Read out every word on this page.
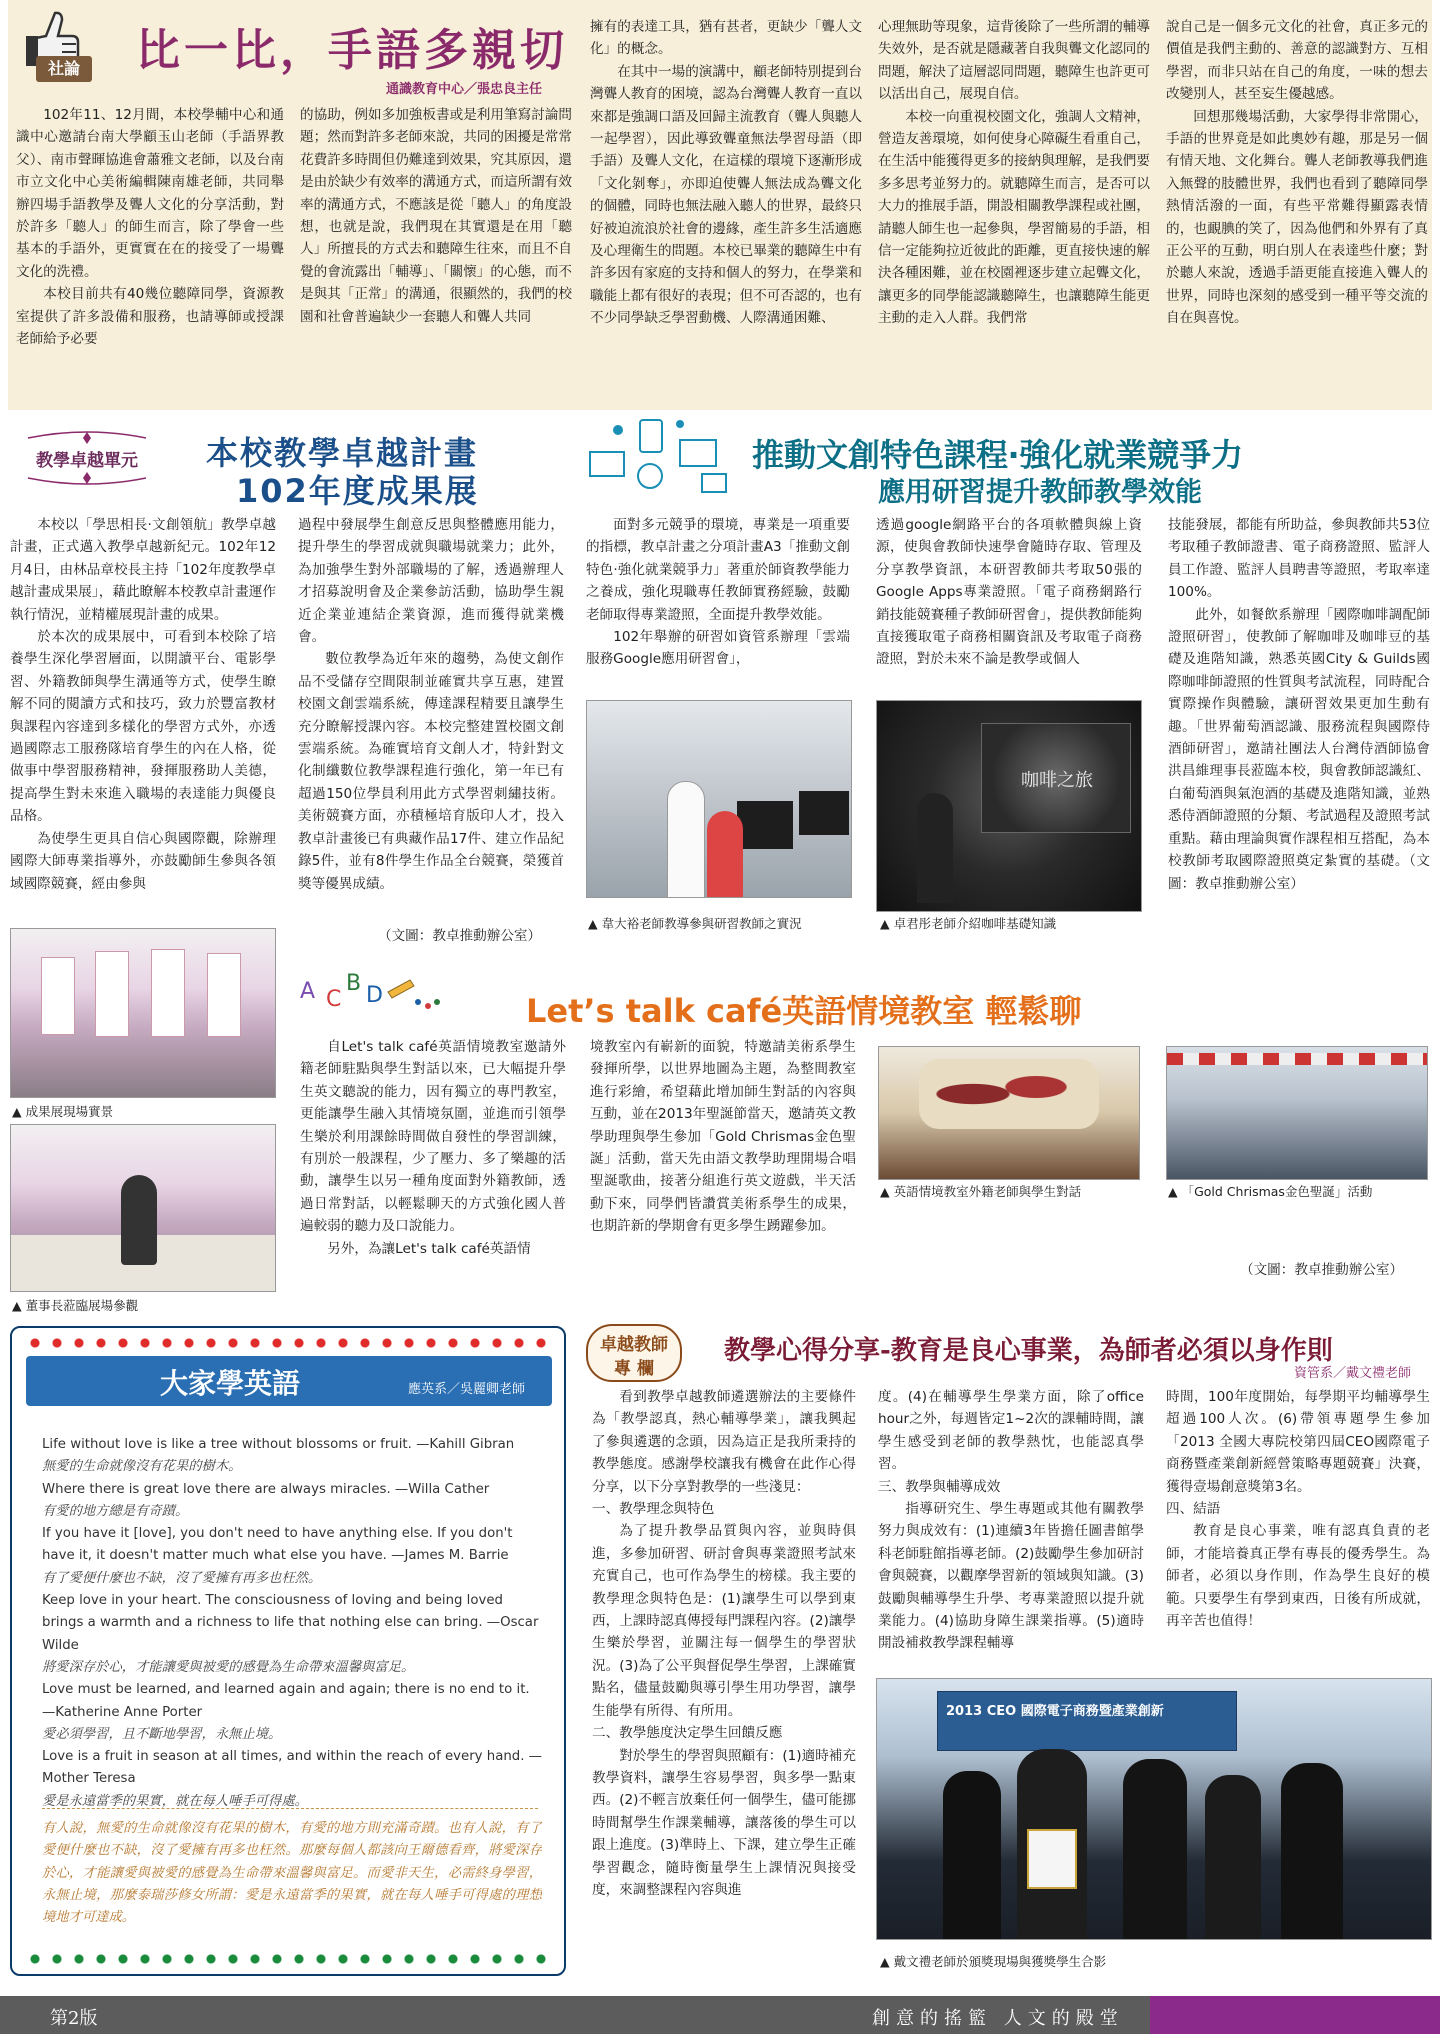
社論 比一比，手語多親切
通識教育中心／張忠良主任

102年11、12月間，本校學輔中心和通識中心邀請台南大學顧玉山老師（手語界教父）、南市聲暉協進會蕭雅文老師，以及台南市立文化中心美術編輯陳南雄老師，共同舉辦四場手語教學及聾人文化的分享活動，對於許多「聽人」的師生而言，除了學會一些基本的手語外，更實實在在的接受了一場聾文化的洗禮。

本校目前共有40幾位聽障同學，資源教室提供了許多設備和服務，也請導師或授課老師給予必要

的協助，例如多加強板書或是利用筆寫討論問題；然而對許多老師來說，共同的困擾是常常花費許多時間但仍難達到效果，究其原因，還是由於缺少有效率的溝通方式，而這所謂有效率的溝通方式，不應該是從「聽人」的角度設想，也就是說，我們現在其實還是在用「聽人」所擅長的方式去和聽障生往來，而且不自覺的會流露出「輔導」、「關懷」的心態，而不是與其「正常」的溝通，很顯然的，我們的校園和社會普遍缺少一套聽人和聾人共同

擁有的表達工具，猶有甚者，更缺少「聾人文化」的概念。

在其中一場的演講中，顧老師特別提到台灣聾人教育的困境，認為台灣聾人教育一直以來都是強調口語及回歸主流教育（聾人與聽人一起學習），因此導致聾童無法學習母語（即手語）及聾人文化，在這樣的環境下逐漸形成「文化剝奪」，亦即迫使聾人無法成為聾文化的個體，同時也無法融入聽人的世界，最終只好被迫流浪於社會的邊緣，產生許多生活適應及心理衛生的問題。本校已畢業的聽障生中有許多因有家庭的支持和個人的努力，在學業和職能上都有很好的表現；但不可否認的，也有不少同學缺乏學習動機、人際溝通困難、

心理無助等現象，這背後除了一些所謂的輔導失效外，是否就是隱藏著自我與聾文化認同的問題，解決了這層認同問題，聽障生也許更可以活出自己，展現自信。

本校一向重視校園文化，強調人文精神，營造友善環境，如何使身心障礙生看重自己，在生活中能獲得更多的接納與理解，是我們要多多思考並努力的。就聽障生而言，是否可以大力的推展手語，開設相關教學課程或社團，請聽人師生也一起參與，學習簡易的手語，相信一定能夠拉近彼此的距離，更直接快速的解決各種困難，並在校園裡逐步建立起聾文化，讓更多的同學能認識聽障生，也讓聽障生能更主動的走入人群。我們常

說自己是一個多元文化的社會，真正多元的價值是我們主動的、善意的認識對方、互相學習，而非只站在自己的角度，一味的想去改變別人，甚至妄生優越感。

回想那幾場活動，大家學得非常開心，手語的世界竟是如此奧妙有趣，那是另一個有情天地、文化舞台。聾人老師教導我們進入無聲的肢體世界，我們也看到了聽障同學熱情活潑的一面，有些平常難得顯露表情的，也靦腆的笑了，因為他們和外界有了真正公平的互動，明白別人在表達些什麼；對於聽人來說，透過手語更能直接進入聾人的世界，同時也深刻的感受到一種平等交流的自在與喜悅。

教學卓越單元	本校教學卓越計畫
102年度成果展

本校以「學思相長‧文創領航」教學卓越計畫，正式邁入教學卓越新紀元。102年12月4日，由林品章校長主持「102年度教學卓越計畫成果展」，藉此瞭解本校教卓計畫運作執行情況，並精權展現計畫的成果。

於本次的成果展中，可看到本校除了培養學生深化學習層面，以開讀平台、電影學習、外籍教師與學生溝通等方式，使學生瞭解不同的閱讀方式和技巧，致力於豐富教材與課程內容達到多樣化的學習方式外，亦透過國際志工服務隊培育學生的內在人格，從做事中學習服務精神，發揮服務助人美德，提高學生對未來進入職場的表達能力與優良品格。

為使學生更具自信心與國際觀，除辦理國際大師專業指導外，亦鼓勵師生參與各領域國際競賽，經由參與

過程中發展學生創意反思與整體應用能力，提升學生的學習成就與職場就業力；此外，為加強學生對外部職場的了解，透過辦理人才招募說明會及企業參訪活動，協助學生親近企業並連結企業資源，進而獲得就業機會。

數位教學為近年來的趨勢，為使文創作品不受儲存空間限制並確實共享互惠，建置校園文創雲端系統，傳達課程精要且讓學生充分瞭解授課內容。本校完整建置校園文創雲端系統。為確實培育文創人才，特針對文化制纖數位教學課程進行強化，第一年已有超過150位學員利用此方式學習刺繡技術。美術競賽方面，亦積極培育版印人才，投入教卓計畫後已有典藏作品17件、建立作品紀錄5件，並有8件學生作品全台競賽，榮獲首獎等優異成績。

（文圖：教卓推動辦公室）
▲ 成果展現場實景
▲ 董事長蒞臨展場參觀
推動文創特色課程‧強化就業競爭力
應用研習提升教師教學效能

面對多元競爭的環境，專業是一項重要的指標，教卓計畫之分項計畫A3「推動文創特色‧強化就業競爭力」著重於師資教學能力之養成，強化現職專任教師實務經驗，鼓勵老師取得專業證照，全面提升教學效能。

102年舉辦的研習如資管系辦理「雲端服務Google應用研習會」，

透過google網路平台的各項軟體與線上資源，使與會教師快速學會隨時存取、管理及分享教學資訊，本研習教師共考取50張的Google Apps專業證照。「電子商務網路行銷技能競賽種子教師研習會」，提供教師能夠直接獲取電子商務相關資訊及考取電子商務證照，對於未來不論是教學或個人

技能發展，都能有所助益，參與教師共53位考取種子教師證書、電子商務證照、監評人員工作證、監評人員聘書等證照，考取率達100%。

此外，如餐飲系辦理「國際咖啡調配師證照研習」，使教師了解咖啡及咖啡豆的基礎及進階知識，熟悉英國City & Guilds國際咖啡師證照的性質與考試流程，同時配合實際操作與體驗，讓研習效果更加生動有趣。「世界葡萄酒認識、服務流程與國際侍酒師研習」，邀請社團法人台灣侍酒師協會洪昌維理事長蒞臨本校，與會教師認識紅、白葡萄酒與氣泡酒的基礎及進階知識，並熟悉侍酒師證照的分類、考試過程及證照考試重點。藉由理論與實作課程相互搭配，為本校教師考取國際證照奠定紮實的基礎。（文圖：教卓推動辦公室）

▲ 韋大裕老師教導參與研習教師之實況
咖啡之旅
▲ 卓君彤老師介紹咖啡基礎知識
A C
B D	Let’s talk café英語情境教室 輕鬆聊

自Let's talk café英語情境教室邀請外籍老師駐點與學生對話以來，已大幅提升學生英文聽說的能力，因有獨立的專門教室，更能讓學生融入其情境氛圍，並進而引領學生樂於利用課餘時間做自發性的學習訓練，有別於一般課程，少了壓力、多了樂趣的活動，讓學生以另一種角度面對外籍教師，透過日常對話，以輕鬆聊天的方式強化國人普遍較弱的聽力及口說能力。

另外，為讓Let's talk café英語情

境教室內有嶄新的面貌，特邀請美術系學生發揮所學，以世界地圖為主題，為整間教室進行彩繪，希望藉此增加師生對話的內容與互動，並在2013年聖誕節當天，邀請英文教學助理與學生參加「Gold Chrismas金色聖誕」活動，當天先由語文教學助理開場合唱聖誕歌曲，接著分組進行英文遊戲，半天活動下來，同學們皆讚賞美術系學生的成果，也期許新的學期會有更多學生踴躍參加。

▲ 英語情境教室外籍老師與學生對話	▲ 「Gold Chrismas金色聖誕」活動
（文圖：教卓推動辦公室）
大家學英語	應英系／吳麗卿老師
Life without love is like a tree without blossoms or fruit. —Kahill Gibran
無愛的生命就像沒有花果的樹木。
Where there is great love there are always miracles. —Willa Cather
有愛的地方總是有奇蹟。
If you have it [love], you don't need to have anything else. If you don't have it, it doesn't matter much what else you have. —James M. Barrie
有了愛便什麼也不缺，沒了愛擁有再多也枉然。
Keep love in your heart. The consciousness of loving and being loved brings a warmth and a richness to life that nothing else can bring. —Oscar Wilde
將愛深存於心，才能讓愛與被愛的感覺為生命帶來溫馨與富足。
Love must be learned, and learned again and again; there is no end to it. —Katherine Anne Porter
愛必須學習，且不斷地學習，永無止境。
Love is a fruit in season at all times, and within the reach of every hand. —Mother Teresa
愛是永遠當季的果實，就在每人唾手可得處。
有人說，無愛的生命就像沒有花果的樹木，有愛的地方則充滿奇蹟。也有人說，有了愛便什麼也不缺，沒了愛擁有再多也枉然。那麼每個人都該向王爾德看齊，將愛深存於心，才能讓愛與被愛的感覺為生命帶來溫馨與富足。而愛非天生，必需終身學習，永無止境，那麼泰瑞莎修女所謂：愛是永遠當季的果實，就在每人唾手可得處的理想境地才可達成。
卓越教師
專 欄
教學心得分享-教育是良心事業，為師者必須以身作則
資管系／戴文禮老師

看到教學卓越教師遴選辦法的主要條件為「教學認真，熱心輔導學業」，讓我興起了參與遴選的念頭，因為這正是我所秉持的教學態度。感謝學校讓我有機會在此作心得分享，以下分享對教學的一些淺見：

一、教學理念與特色

為了提升教學品質與內容，並與時俱進，多參加研習、研討會與專業證照考試來充實自己，也可作為學生的榜樣。我主要的教學理念與特色是：(1)讓學生可以學到東西，上課時認真傳授每門課程內容。(2)讓學生樂於學習，並關注每一個學生的學習狀況。(3)為了公平與督促學生學習，上課確實點名，儘量鼓勵與導引學生用功學習，讓學生能學有所得、有所用。

二、教學態度決定學生回饋反應

對於學生的學習與照顧有：(1)適時補充教學資料，讓學生容易學習，與多學一點東西。(2)不輕言放棄任何一個學生，儘可能挪時間幫學生作課業輔導，讓落後的學生可以跟上進度。(3)準時上、下課，建立學生正確學習觀念，隨時衡量學生上課情況與接受度，來調整課程內容與進

度。(4)在輔導學生學業方面，除了office hour之外，每週皆定1~2次的課輔時間，讓學生感受到老師的教學熱忱，也能認真學習。

三、教學與輔導成效

指導研究生、學生專題或其他有關教學努力與成效有：(1)連續3年皆擔任圖書館學科老師駐館指導老師。(2)鼓勵學生參加研討會與競賽，以觀摩學習新的領域與知識。(3)鼓勵與輔導學生升學、考專業證照以提升就業能力。(4)協助身障生課業指導。(5)適時開設補救教學課程輔導

時間，100年度開始，每學期平均輔導學生超過100人次。(6)帶領專題學生參加「2013 全國大專院校第四屆CEO國際電子商務暨產業創新經營策略專題競賽」決賽，獲得壹場創意獎第3名。

四、結語

教育是良心事業，唯有認真負責的老師，才能培養真正學有專長的優秀學生。為師者，必須以身作則，作為學生良好的模範。只要學生有學到東西，日後有所成就，再辛苦也值得！

2013 CEO 國際電子商務暨產業創新
▲ 戴文禮老師於頒獎現場與獲獎學生合影
第2版	創意的搖籃 人文的殿堂
